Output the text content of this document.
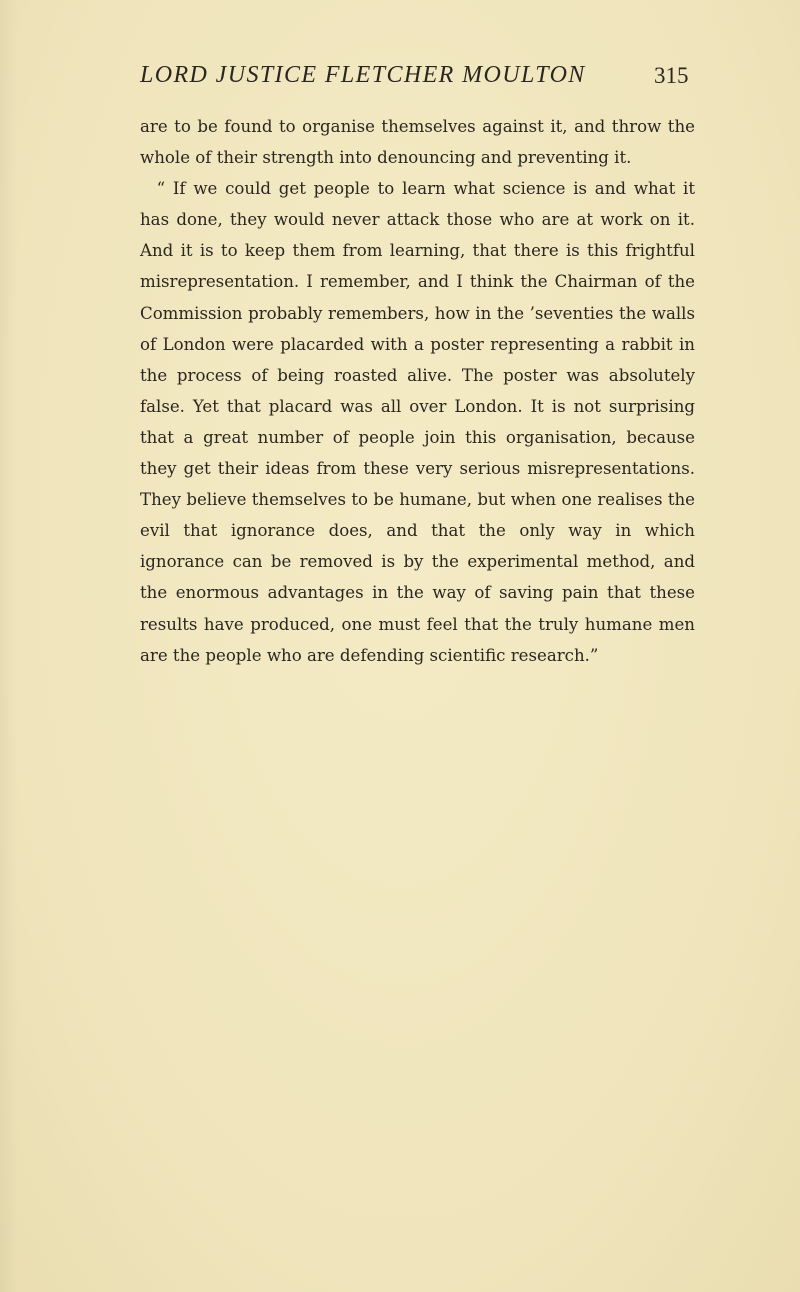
LORD JUSTICE FLETCHER MOULTON	315

are to be found to organise themselves against it, and throw the whole of their strength into denouncing and preventing it.

“ If we could get people to learn what science is and what it has done, they would never attack those who are at work on it. And it is to keep them from learning, that there is this frightful misrepresentation. I remember, and I think the Chairman of the Commission probably remembers, how in the ’seventies the walls of London were placarded with a poster representing a rabbit in the process of being roasted alive. The poster was absolutely false. Yet that placard was all over London. It is not surprising that a great number of people join this organisation, because they get their ideas from these very serious misrepresentations. They believe themselves to be humane, but when one realises the evil that ignorance does, and that the only way in which ignorance can be removed is by the experimental method, and the enormous advantages in the way of saving pain that these results have produced, one must feel that the truly humane men are the people who are defending scientific research.”
